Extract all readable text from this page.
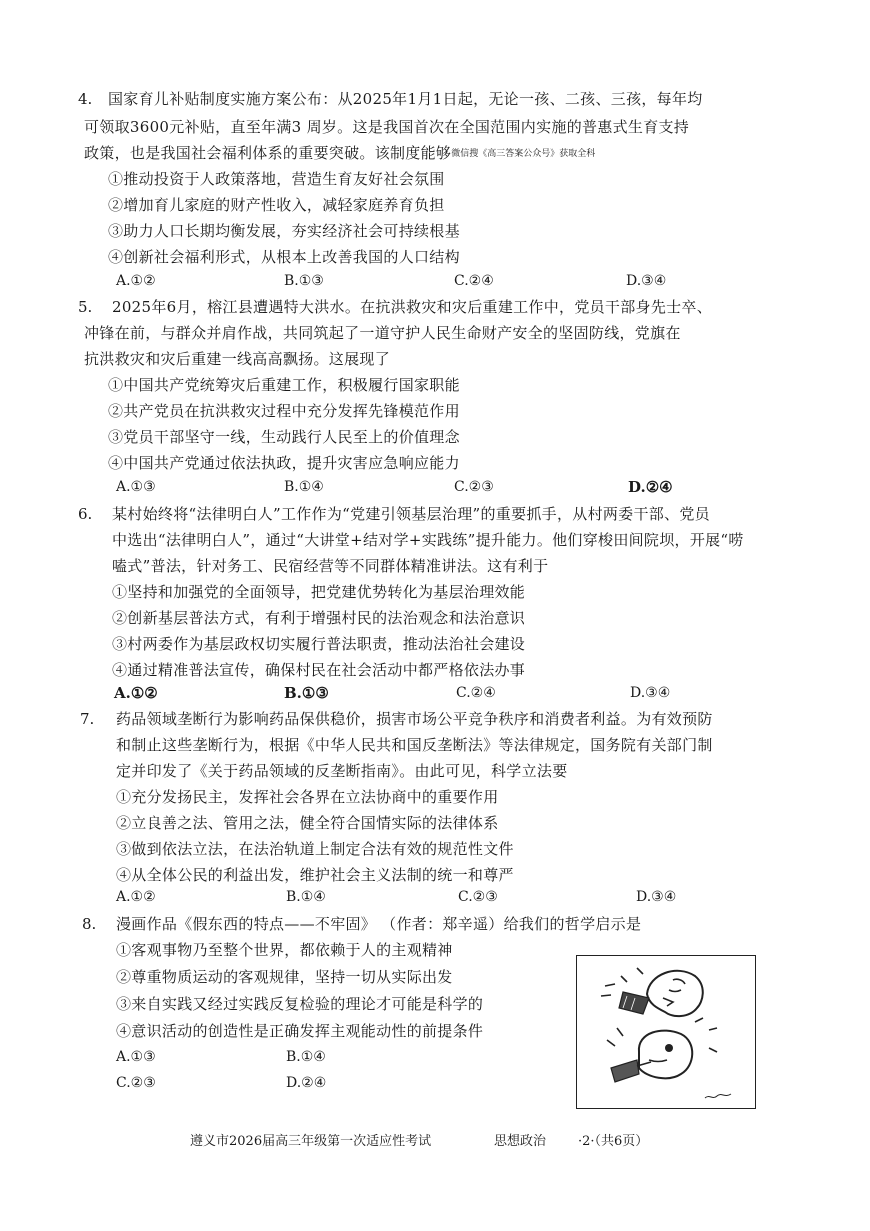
4. 国家育儿补贴制度实施方案公布：从2025年1月1日起，无论一孩、二孩、三孩，每年均
可领取3600元补贴，直至年满3 周岁。这是我国首次在全国范围内实施的普惠式生育支持
政策，也是我国社会福利体系的重要突破。该制度能够微信搜《高三答案公众号》获取全科
①推动投资于人政策落地，营造生育友好社会氛围
②增加育儿家庭的财产性收入，减轻家庭养育负担
③助力人口长期均衡发展，夯实经济社会可持续根基
④创新社会福利形式，从根本上改善我国的人口结构
A.①②	B.①③	C.②④	D.③④
5. 2025年6月，榕江县遭遇特大洪水。在抗洪救灾和灾后重建工作中，党员干部身先士卒、
冲锋在前，与群众并肩作战，共同筑起了一道守护人民生命财产安全的坚固防线，党旗在
抗洪救灾和灾后重建一线高高飘扬。这展现了
①中国共产党统筹灾后重建工作，积极履行国家职能
②共产党员在抗洪救灾过程中充分发挥先锋模范作用
③党员干部坚守一线，生动践行人民至上的价值理念
④中国共产党通过依法执政，提升灾害应急响应能力
A.①③	B.①④	C.②③	D.②④
6. 某村始终将“法律明白人”工作作为“党建引领基层治理”的重要抓手，从村两委干部、党员
中选出“法律明白人”，通过“大讲堂+结对学+实践练”提升能力。他们穿梭田间院坝，开展“唠
嗑式”普法，针对务工、民宿经营等不同群体精准讲法。这有利于
①坚持和加强党的全面领导，把党建优势转化为基层治理效能
②创新基层普法方式，有利于增强村民的法治观念和法治意识
③村两委作为基层政权切实履行普法职责，推动法治社会建设
④通过精准普法宣传，确保村民在社会活动中都严格依法办事
A.①②	B.①③	C.②④	D.③④
7. 药品领域垄断行为影响药品保供稳价，损害市场公平竞争秩序和消费者利益。为有效预防
和制止这些垄断行为，根据《中华人民共和国反垄断法》等法律规定，国务院有关部门制
定并印发了《关于药品领域的反垄断指南》。由此可见，科学立法要
①充分发扬民主，发挥社会各界在立法协商中的重要作用
②立良善之法、管用之法，健全符合国情实际的法律体系
③做到依法立法，在法治轨道上制定合法有效的规范性文件
④从全体公民的利益出发，维护社会主义法制的统一和尊严
A.①②	B.①④	C.②③	D.③④
8. 漫画作品《假东西的特点——不牢固》 （作者：郑辛遥）给我们的哲学启示是
①客观事物乃至整个世界，都依赖于人的主观精神
②尊重物质运动的客观规律，坚持一切从实际出发
③来自实践又经过实践反复检验的理论才可能是科学的
④意识活动的创造性是正确发挥主观能动性的前提条件
A.①③	B.①④
C.②③	D.②④
遵义市2026届高三年级第一次适应性考试	思想政治 ·2·（共6页）
